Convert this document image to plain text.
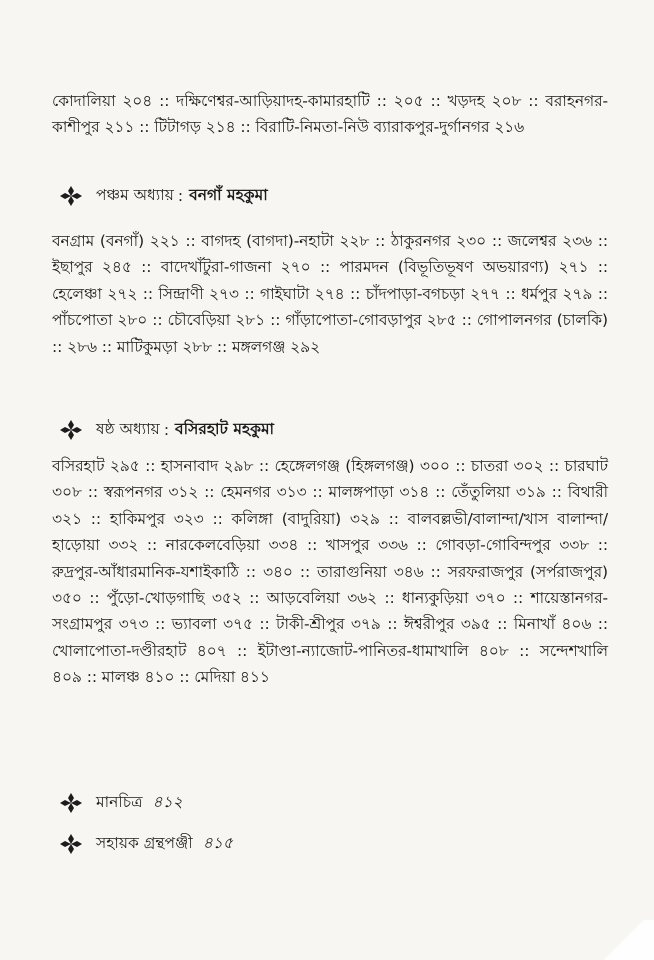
কোদালিয়া ২০৪ :: দক্ষিণেশ্বর-আড়িয়াদহ-কামারহাটি :: ২০৫ :: খড়দহ ২০৮ :: বরাহনগর-কাশীপুর ২১১ :: টিটাগড় ২১৪ :: বিরাটি-নিমতা-নিউ ব্যারাকপুর-দুর্গানগর ২১৬

পঞ্চম অধ্যায় : বনগাঁ মহকুমা

বনগ্রাম (বনগাঁ) ২২১ :: বাগদহ (বাগদা)-নহাটা ২২৮ :: ঠাকুরনগর ২৩০ :: জলেশ্বর ২৩৬ :: ইছাপুর ২৪৫ :: বাদেখাঁটুরা-গাজনা ২৭০ :: পারমদন (বিভূতিভূষণ অভয়ারণ্য) ২৭১ :: হেলেঞ্চা ২৭২ :: সিন্দ্রাণী ২৭৩ :: গাইঘাটা ২৭৪ :: চাঁদপাড়া-বগচড়া ২৭৭ :: ধর্মপুর ২৭৯ :: পাঁচপোতা ২৮০ :: চৌবেড়িয়া ২৮১ :: গাঁড়াপোতা-গোবড়াপুর ২৮৫ :: গোপালনগর (চালকি) :: ২৮৬ :: মাটিকুমড়া ২৮৮ :: মঙ্গলগঞ্জ ২৯২

ষষ্ঠ অধ্যায় : বসিরহাট মহকুমা

বসিরহাট ২৯৫ :: হাসনাবাদ ২৯৮ :: হেঙ্গেলগঞ্জ (হিঙ্গলগঞ্জ) ৩০০ :: চাতরা ৩০২ :: চারঘাট ৩০৮ :: স্বরূপনগর ৩১২ :: হেমনগর ৩১৩ :: মালঙ্গপাড়া ৩১৪ :: তেঁতুলিয়া ৩১৯ :: বিথারী ৩২১ :: হাকিমপুর ৩২৩ :: কলিঙ্গা (বাদুরিয়া) ৩২৯ :: বালবল্লভী/বালান্দা/খাস বালান্দা/হাড়োয়া ৩৩২ :: নারকেলবেড়িয়া ৩৩৪ :: খাসপুর ৩৩৬ :: গোবড়া-গোবিন্দপুর ৩৩৮ :: রুদ্রপুর-আঁধারমানিক-যশাইকাঠি :: ৩৪০ :: তারাগুনিয়া ৩৪৬ :: সরফরাজপুর (সর্পরাজপুর) ৩৫০ :: পুঁড়ো-খোড়গাছি ৩৫২ :: আড়বেলিয়া ৩৬২ :: ধান্যকুড়িয়া ৩৭০ :: শায়েস্তানগর- সংগ্রামপুর ৩৭৩ :: ভ্যাবলা ৩৭৫ :: টাকী-শ্রীপুর ৩৭৯ :: ঈশ্বরীপুর ৩৯৫ :: মিনাখাঁ ৪০৬ :: খোলাপোতা-দণ্ডীরহাট ৪০৭ :: ইটাণ্ডা-ন্যাজোট-পানিতর-ধামাখালি ৪০৮ :: সন্দেশখালি ৪০৯ :: মালঞ্চ ৪১০ :: মেদিয়া ৪১১

মানচিত্র ৪১২
সহায়ক গ্রন্থপঞ্জী ৪১৫
